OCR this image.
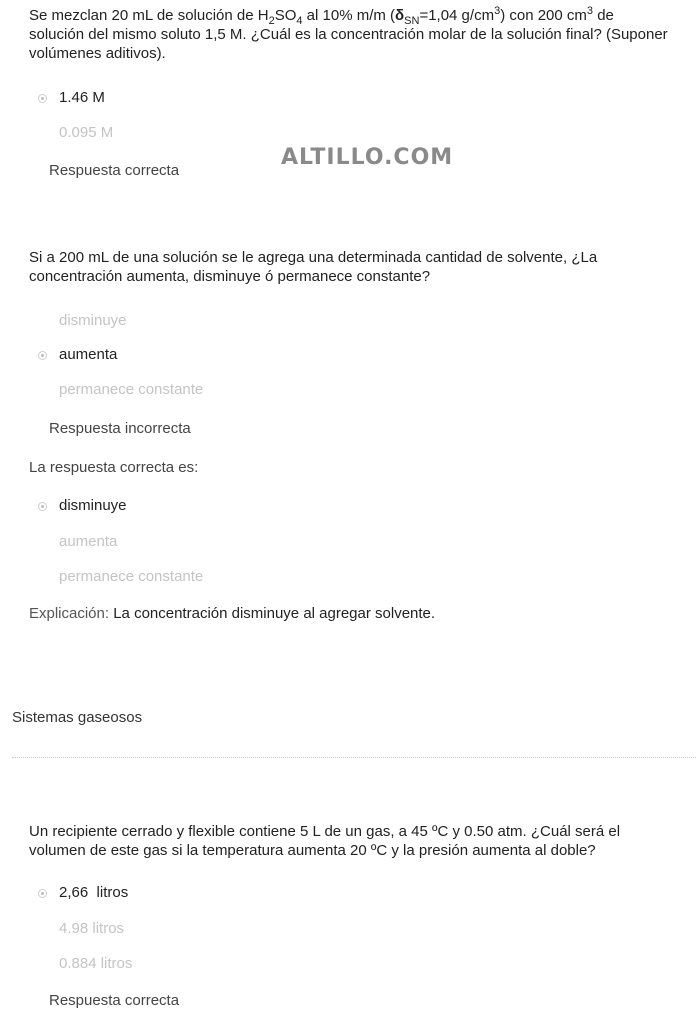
Se mezclan 20 mL de solución de $H_2SO_4$ al 10% m/m ($\delta_{SN}=1,04$ $g/cm^3$) con 200 $cm^3$ de solución del mismo soluto 1,5 M. ¿Cuál es la concentración molar de la solución final? (Suponer volúmenes aditivos).
1.46 M
0.095 M
Respuesta correcta
ALTILLO.COM
Si a 200 mL de una solución se le agrega una determinada cantidad de solvente, ¿La concentración aumenta, disminuye ó permanece constante?
disminuye
aumenta
permanece constante
Respuesta incorrecta
La respuesta correcta es:
disminuye
aumenta
permanece constante
Explicación: La concentración disminuye al agregar solvente.
Sistemas gaseosos
Un recipiente cerrado y flexible contiene 5 L de un gas, a 45 ºC y 0.50 atm. ¿Cuál será el volumen de este gas si la temperatura aumenta 20 ºC y la presión aumenta al doble?
2,66  litros
4.98 litros
0.884 litros
Respuesta correcta
